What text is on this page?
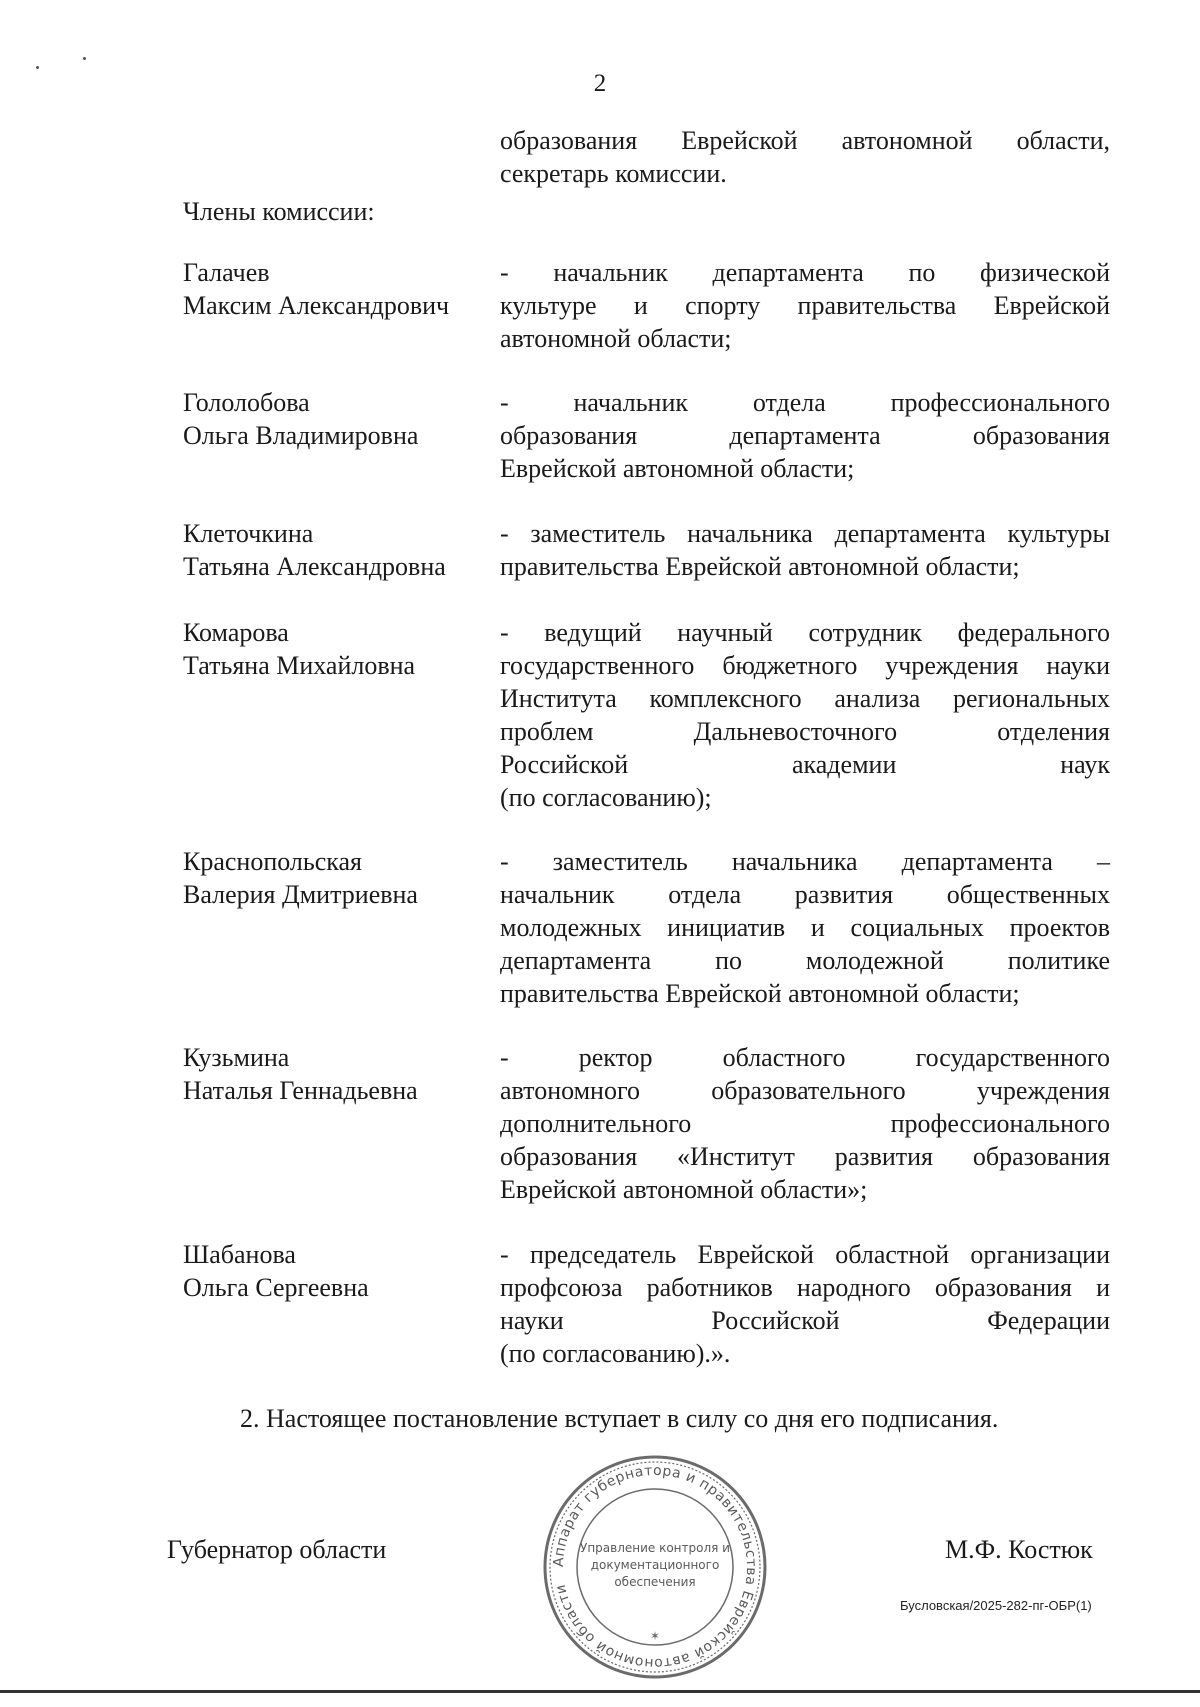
2
образования Еврейской автономной области,
секретарь комиссии.
Члены комиссии:
Галачев
Максим Александрович
- начальник департамента по физической
культуре и спорту правительства Еврейской
автономной области;
Гололобова
Ольга Владимировна
- начальник отдела профессионального
образования департамента образования
Еврейской автономной области;
Клеточкина
Татьяна Александровна
- заместитель начальника департамента культуры
правительства Еврейской автономной области;
Комарова
Татьяна Михайловна
- ведущий научный сотрудник федерального
государственного бюджетного учреждения науки
Института комплексного анализа региональных
проблем Дальневосточного отделения
Российской академии наук
(по согласованию);
Краснопольская
Валерия Дмитриевна
- заместитель начальника департамента –
начальник отдела развития общественных
молодежных инициатив и социальных проектов
департамента по молодежной политике
правительства Еврейской автономной области;
Кузьмина
Наталья Геннадьевна
- ректор областного государственного
автономного образовательного учреждения
дополнительного профессионального
образования «Институт развития образования
Еврейской автономной области»;
Шабанова
Ольга Сергеевна
- председатель Еврейской областной организации
профсоюза работников народного образования и
науки Российской Федерации
(по согласованию).».
2. Настоящее постановление вступает в силу со дня его подписания.
Губернатор области	Аппарат губернатора и правительства Еврейской автономной области
Управление контроля и
документационного
обеспечения
✶
М.Ф. Костюк
Бусловская/2025-282-пг-ОБР(1)
